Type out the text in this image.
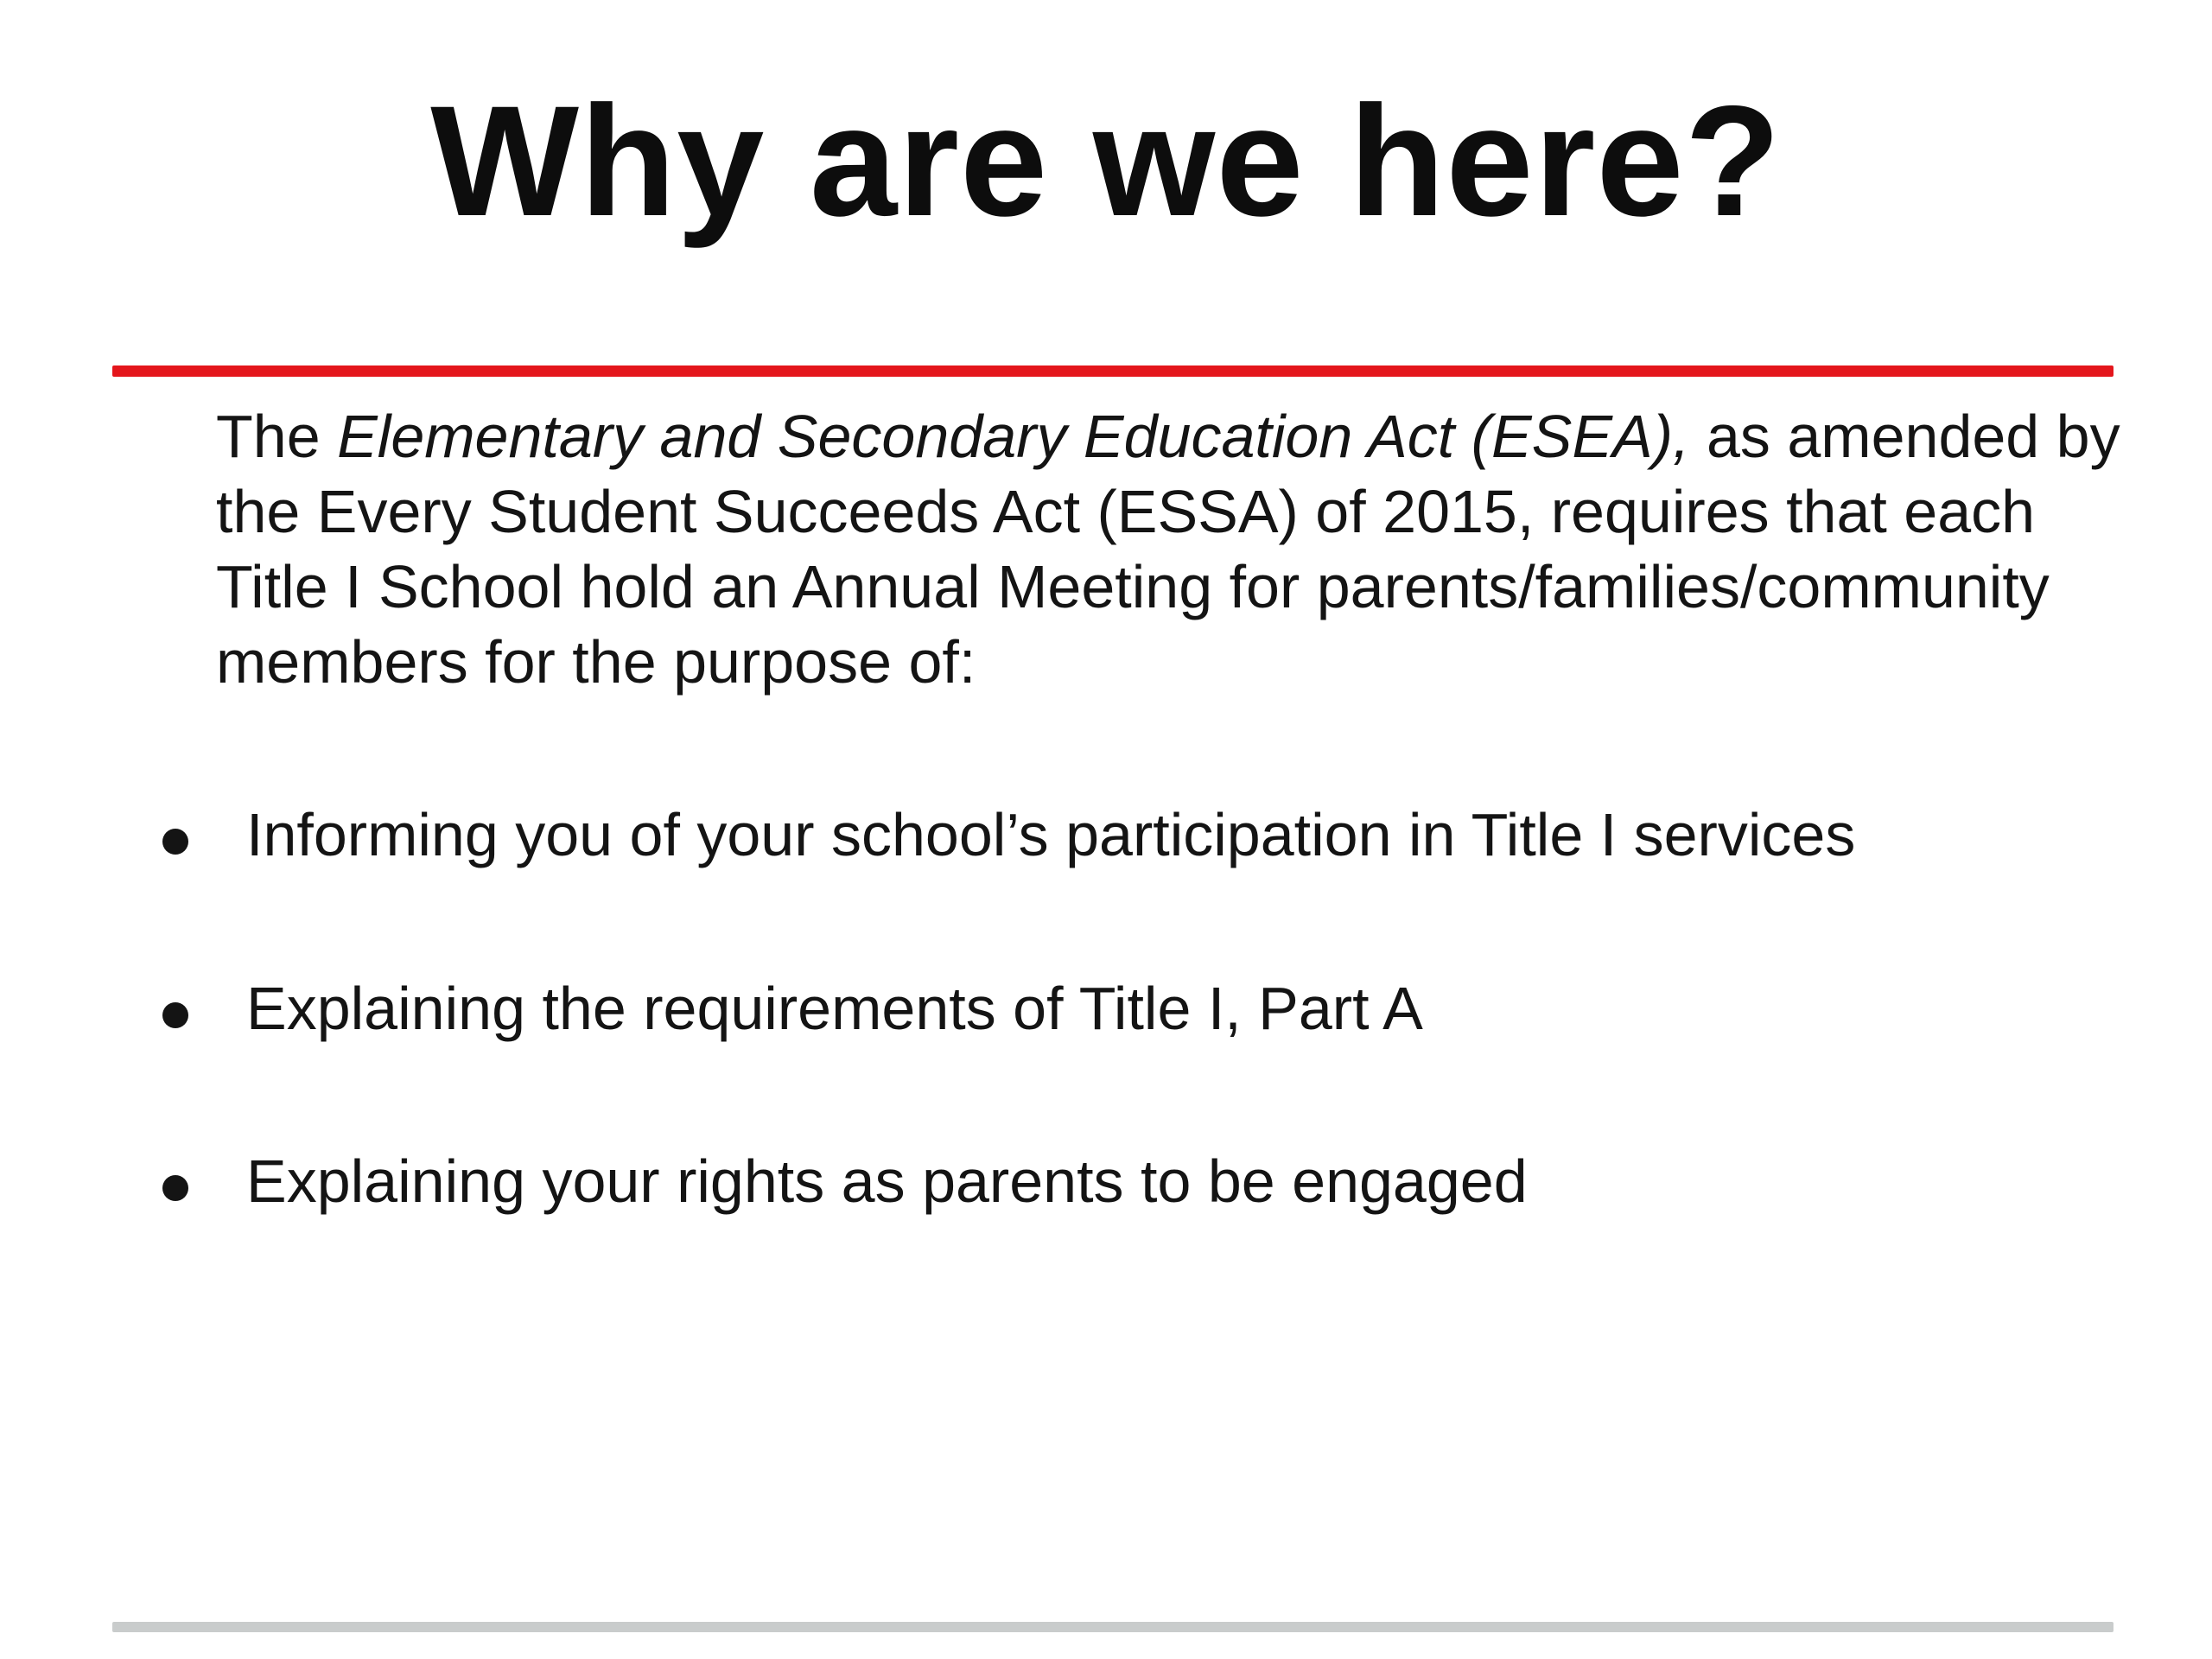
Why are we here?

The Elementary and Secondary Education Act (ESEA), as amended by the Every Student Succeeds Act (ESSA) of 2015, requires that each Title I School hold an Annual Meeting for parents/families/community members for the purpose of:

Informing you of your school’s participation in Title I services
Explaining the requirements of Title I, Part A
Explaining your rights as parents to be engaged
